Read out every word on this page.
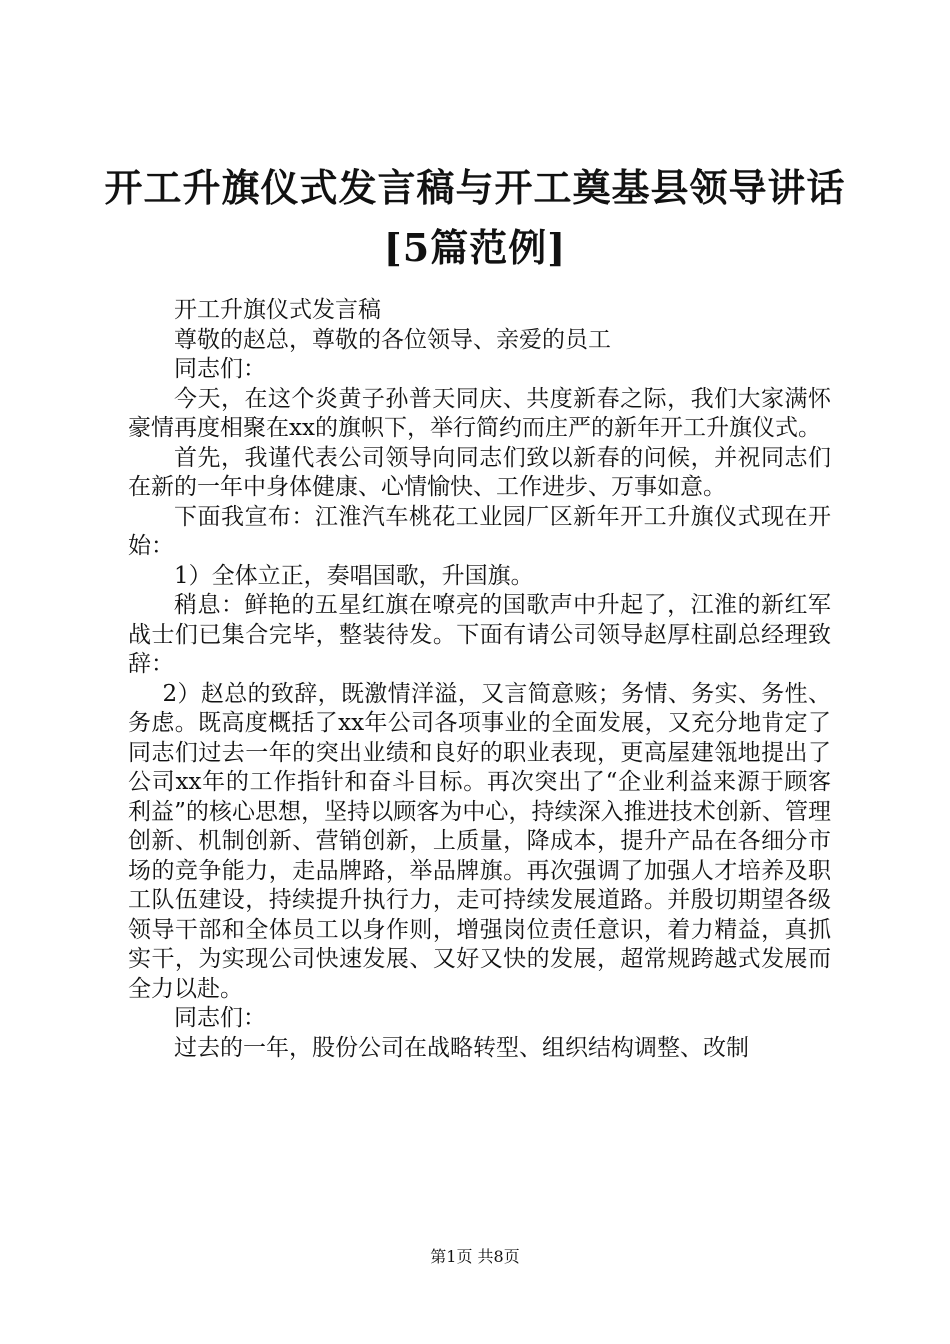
开工升旗仪式发言稿与开工奠基县领导讲话[5篇范例]

开工升旗仪式发言稿

尊敬的赵总，尊敬的各位领导、亲爱的员工

同志们：

今天，在这个炎黄子孙普天同庆、共度新春之际，我们大家满怀豪情再度相聚在xx的旗帜下，举行简约而庄严的新年开工升旗仪式。

首先，我谨代表公司领导向同志们致以新春的问候，并祝同志们在新的一年中身体健康、心情愉快、工作进步、万事如意。

下面我宣布：江淮汽车桃花工业园厂区新年开工升旗仪式现在开始：

1）全体立正，奏唱国歌，升国旗。

稍息：鲜艳的五星红旗在嘹亮的国歌声中升起了，江淮的新红军战士们已集合完毕，整装待发。下面有请公司领导赵厚柱副总经理致辞：

2）赵总的致辞，既激情洋溢，又言简意赅；务情、务实、务性、务虑。既高度概括了xx年公司各项事业的全面发展，又充分地肯定了同志们过去一年的突出业绩和良好的职业表现，更高屋建瓴地提出了公司xx年的工作指针和奋斗目标。再次突出了“企业利益来源于顾客利益”的核心思想，坚持以顾客为中心，持续深入推进技术创新、管理创新、机制创新、营销创新，上质量，降成本，提升产品在各细分市场的竞争能力，走品牌路，举品牌旗。再次强调了加强人才培养及职工队伍建设，持续提升执行力，走可持续发展道路。并殷切期望各级领导干部和全体员工以身作则，增强岗位责任意识，着力精益，真抓实干，为实现公司快速发展、又好又快的发展，超常规跨越式发展而全力以赴。

同志们：

过去的一年，股份公司在战略转型、组织结构调整、改制

第1页 共8页
